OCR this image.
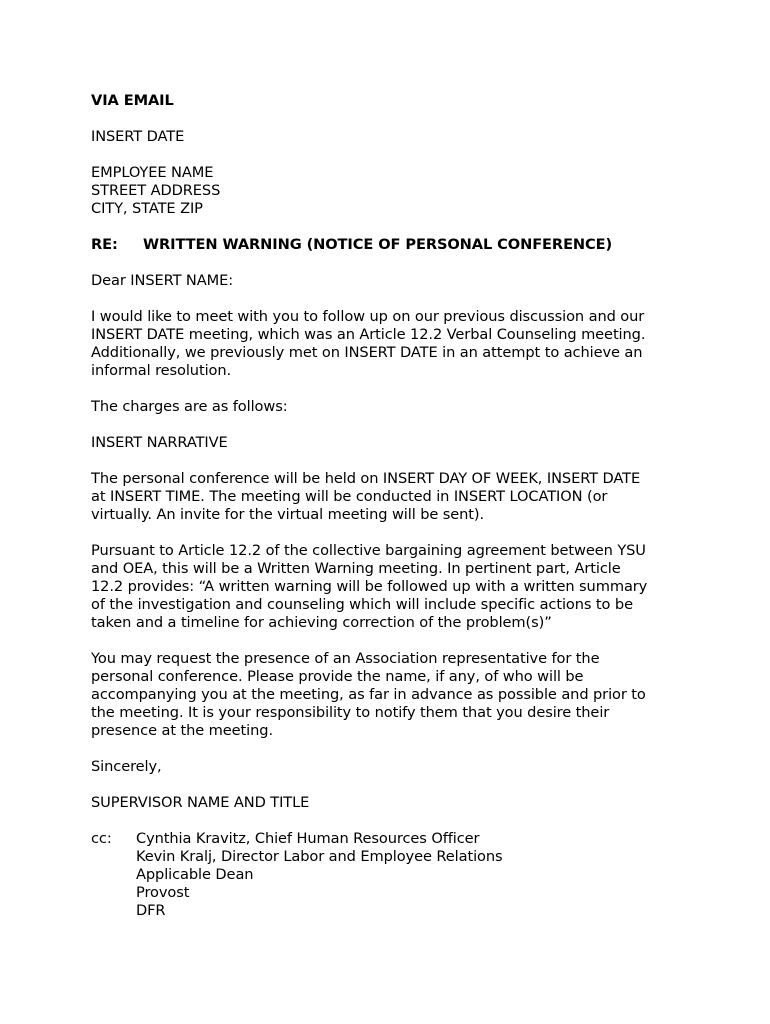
VIA EMAIL
INSERT DATE
EMPLOYEE NAME
STREET ADDRESS
CITY, STATE ZIP
RE:	WRITTEN WARNING (NOTICE OF PERSONAL CONFERENCE)
Dear INSERT NAME:
I would like to meet with you to follow up on our previous discussion and our
INSERT DATE meeting, which was an Article 12.2 Verbal Counseling meeting.
Additionally, we previously met on INSERT DATE in an attempt to achieve an
informal resolution.
The charges are as follows:
INSERT NARRATIVE
The personal conference will be held on INSERT DAY OF WEEK, INSERT DATE
at INSERT TIME. The meeting will be conducted in INSERT LOCATION (or
virtually. An invite for the virtual meeting will be sent).
Pursuant to Article 12.2 of the collective bargaining agreement between YSU
and OEA, this will be a Written Warning meeting. In pertinent part, Article
12.2 provides: “A written warning will be followed up with a written summary
of the investigation and counseling which will include specific actions to be
taken and a timeline for achieving correction of the problem(s)”
You may request the presence of an Association representative for the
personal conference. Please provide the name, if any, of who will be
accompanying you at the meeting, as far in advance as possible and prior to
the meeting. It is your responsibility to notify them that you desire their
presence at the meeting.
Sincerely,
SUPERVISOR NAME AND TITLE
cc:	Cynthia Kravitz, Chief Human Resources Officer
Kevin Kralj, Director Labor and Employee Relations
Applicable Dean
Provost
DFR
